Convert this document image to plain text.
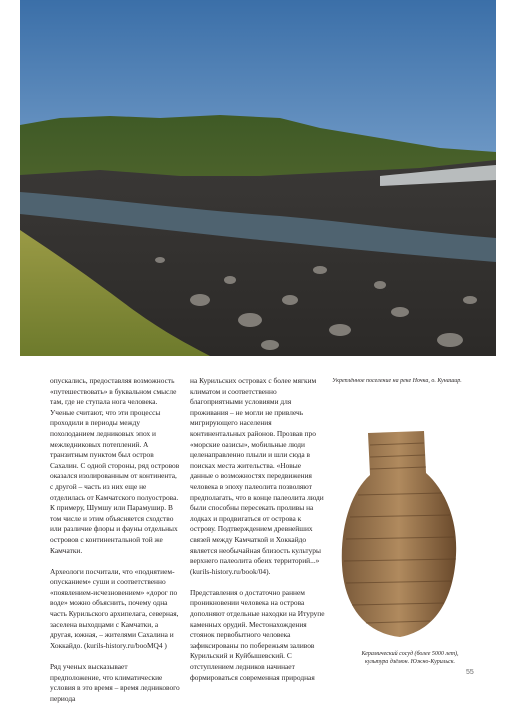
Укреплённое поселение на реке Ночка, о. Кунашир.

опускались, предоставляя возможность «путешествовать» в буквальном смысле там, где не ступала нога человека. Ученые считают, что эти процессы проходили в периоды между похолоданием ледниковых эпох и межледниковых потеплений. А транзитным пунктом был остров Сахалин. С одной стороны, ряд островов оказался изолированным от континента, с другой – часть из них еще не отделилась от Камчатского полуострова. К примеру, Шумшу или Парамушир. В том числе и этим объясняется сходство или различие флоры и фауны отдельных островов с континентальной той же Камчатки.

Археологи посчитали, что «поднятием-опусканием» суши и соответственно «появлением-исчезновением» «дорог по воде» можно объяснить, почему одна часть Курильского архипелага, северная, заселена выходцами с Камчатки, а другая, южная, – жителями Сахалина и Хоккайдо. (kurils-history.ru/booMQ4 )

Ряд ученых высказывает предположение, что климатические условия в это время – время ледникового периода

на Курильских островах с более мягким климатом и соответственно благоприятными условиями для проживания – не могли не привлечь мигрирующего населения континентальных районов. Прозвав про «морские оазисы», мобильные люди целенаправленно плыли и шли сюда в поисках места жительства. «Новые данные о возможностях передвижения человека в эпоху палеолита позволяют предполагать, что в конце палеолита люди были способны пересекать проливы на лодках и продвигаться от острова к острову. Подтверждением древнейших связей между Камчаткой и Хоккайдо является необычайная близость культуры верхнего палеолита обеих территорий...» (kurils-history.ru/book/04).

Представления о достаточно раннем проникновении человека на острова дополняют отдельные находки на Итурупе каменных орудий. Местонахождения стоянок первобытного человека зафиксированы по побережьям заливов Курильский и Куйбышевский. С отступлением ледников начинает формироваться современная природная

Керамический сосуд (более 5000 лет), культура дзёмон. Южно-Курильск.
55
